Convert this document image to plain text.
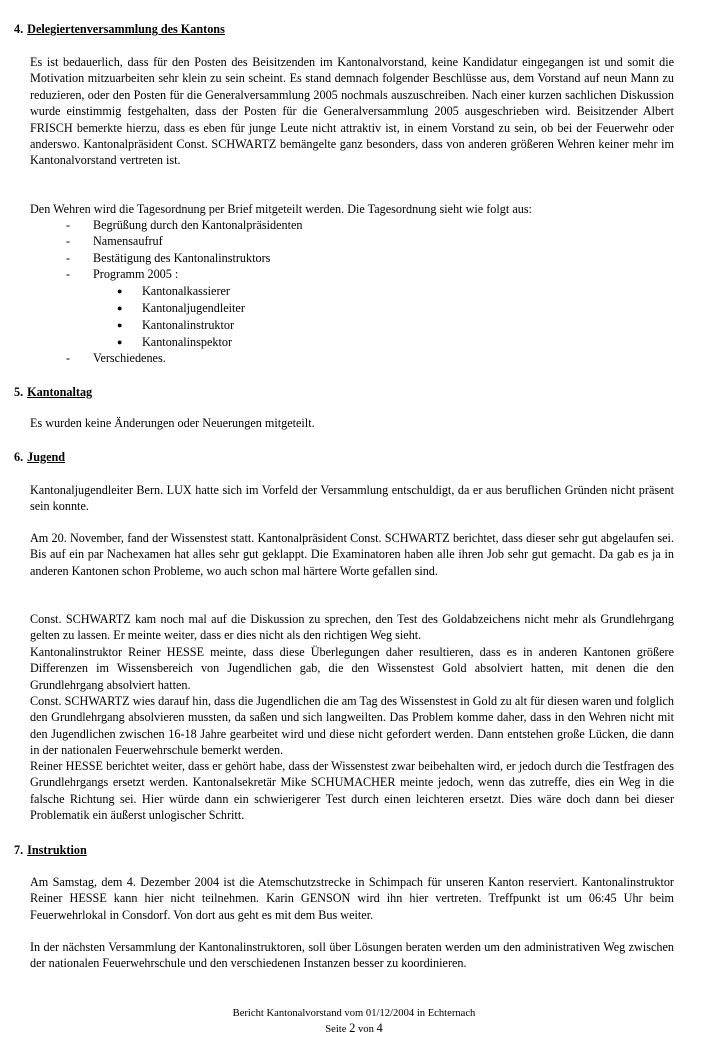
4. Delegiertenversammlung des Kantons

Es ist bedauerlich, dass für den Posten des Beisitzenden im Kantonalvorstand, keine Kandidatur eingegangen ist und somit die Motivation mitzuarbeiten sehr klein zu sein scheint. Es stand demnach folgender Beschlüsse aus, dem Vorstand auf neun Mann zu reduzieren, oder den Posten für die Generalversammlung 2005 nochmals auszuschreiben. Nach einer kurzen sachlichen Diskussion wurde einstimmig festgehalten, dass der Posten für die Generalversammlung 2005 ausgeschrieben wird. Beisitzender Albert FRISCH bemerkte hierzu, dass es eben für junge Leute nicht attraktiv ist, in einem Vorstand zu sein, ob bei der Feuerwehr oder anderswo. Kantonalpräsident Const. SCHWARTZ bemängelte ganz besonders, dass von anderen größeren Wehren keiner mehr im Kantonalvorstand vertreten ist.

Den Wehren wird die Tagesordnung per Brief mitgeteilt werden. Die Tagesordnung sieht wie folgt aus:

- Begrüßung durch den Kantonalpräsidenten
- Namensaufruf
- Bestätigung des Kantonalinstruktors
- Programm 2005 :
● Kantonalkassierer
● Kantonaljugendleiter
● Kantonalinstruktor
● Kantonalinspektor
- Verschiedenes.
5. Kantonaltag

Es wurden keine Änderungen oder Neuerungen mitgeteilt.

6. Jugend

Kantonaljugendleiter Bern. LUX hatte sich im Vorfeld der Versammlung entschuldigt, da er aus beruflichen Gründen nicht präsent sein konnte.

Am 20. November, fand der Wissenstest statt. Kantonalpräsident Const. SCHWARTZ berichtet, dass dieser sehr gut abgelaufen sei. Bis auf ein par Nachexamen hat alles sehr gut geklappt. Die Examinatoren haben alle ihren Job sehr gut gemacht. Da gab es ja in anderen Kantonen schon Probleme, wo auch schon mal härtere Worte gefallen sind.

Const. SCHWARTZ kam noch mal auf die Diskussion zu sprechen, den Test des Goldabzeichens nicht mehr als Grundlehrgang gelten zu lassen. Er meinte weiter, dass er dies nicht als den richtigen Weg sieht.

Kantonalinstruktor Reiner HESSE meinte, dass diese Überlegungen daher resultieren, dass es in anderen Kantonen größere Differenzen im Wissensbereich von Jugendlichen gab, die den Wissenstest Gold absolviert hatten, mit denen die den Grundlehrgang absolviert hatten.

Const. SCHWARTZ wies darauf hin, dass die Jugendlichen die am Tag des Wissenstest in Gold zu alt für diesen waren und folglich den Grundlehrgang absolvieren mussten, da saßen und sich langweilten. Das Problem komme daher, dass in den Wehren nicht mit den Jugendlichen zwischen 16-18 Jahre gearbeitet wird und diese nicht gefordert werden. Dann entstehen große Lücken, die dann in der nationalen Feuerwehrschule bemerkt werden.

Reiner HESSE berichtet weiter, dass er gehört habe, dass der Wissenstest zwar beibehalten wird, er jedoch durch die Testfragen des Grundlehrgangs ersetzt werden. Kantonalsekretär Mike SCHUMACHER meinte jedoch, wenn das zutreffe, dies ein Weg in die falsche Richtung sei. Hier würde dann ein schwierigerer Test durch einen leichteren ersetzt. Dies wäre doch dann bei dieser Problematik ein äußerst unlogischer Schritt.

7. Instruktion

Am Samstag, dem 4. Dezember 2004 ist die Atemschutzstrecke in Schimpach für unseren Kanton reserviert. Kantonalinstruktor Reiner HESSE kann hier nicht teilnehmen. Karin GENSON wird ihn hier vertreten. Treffpunkt ist um 06:45 Uhr beim Feuerwehrlokal in Consdorf. Von dort aus geht es mit dem Bus weiter.

In der nächsten Versammlung der Kantonalinstruktoren, soll über Lösungen beraten werden um den administrativen Weg zwischen der nationalen Feuerwehrschule und den verschiedenen Instanzen besser zu koordinieren.

Bericht Kantonalvorstand vom 01/12/2004 in Echternach
Seite 2 von 4
